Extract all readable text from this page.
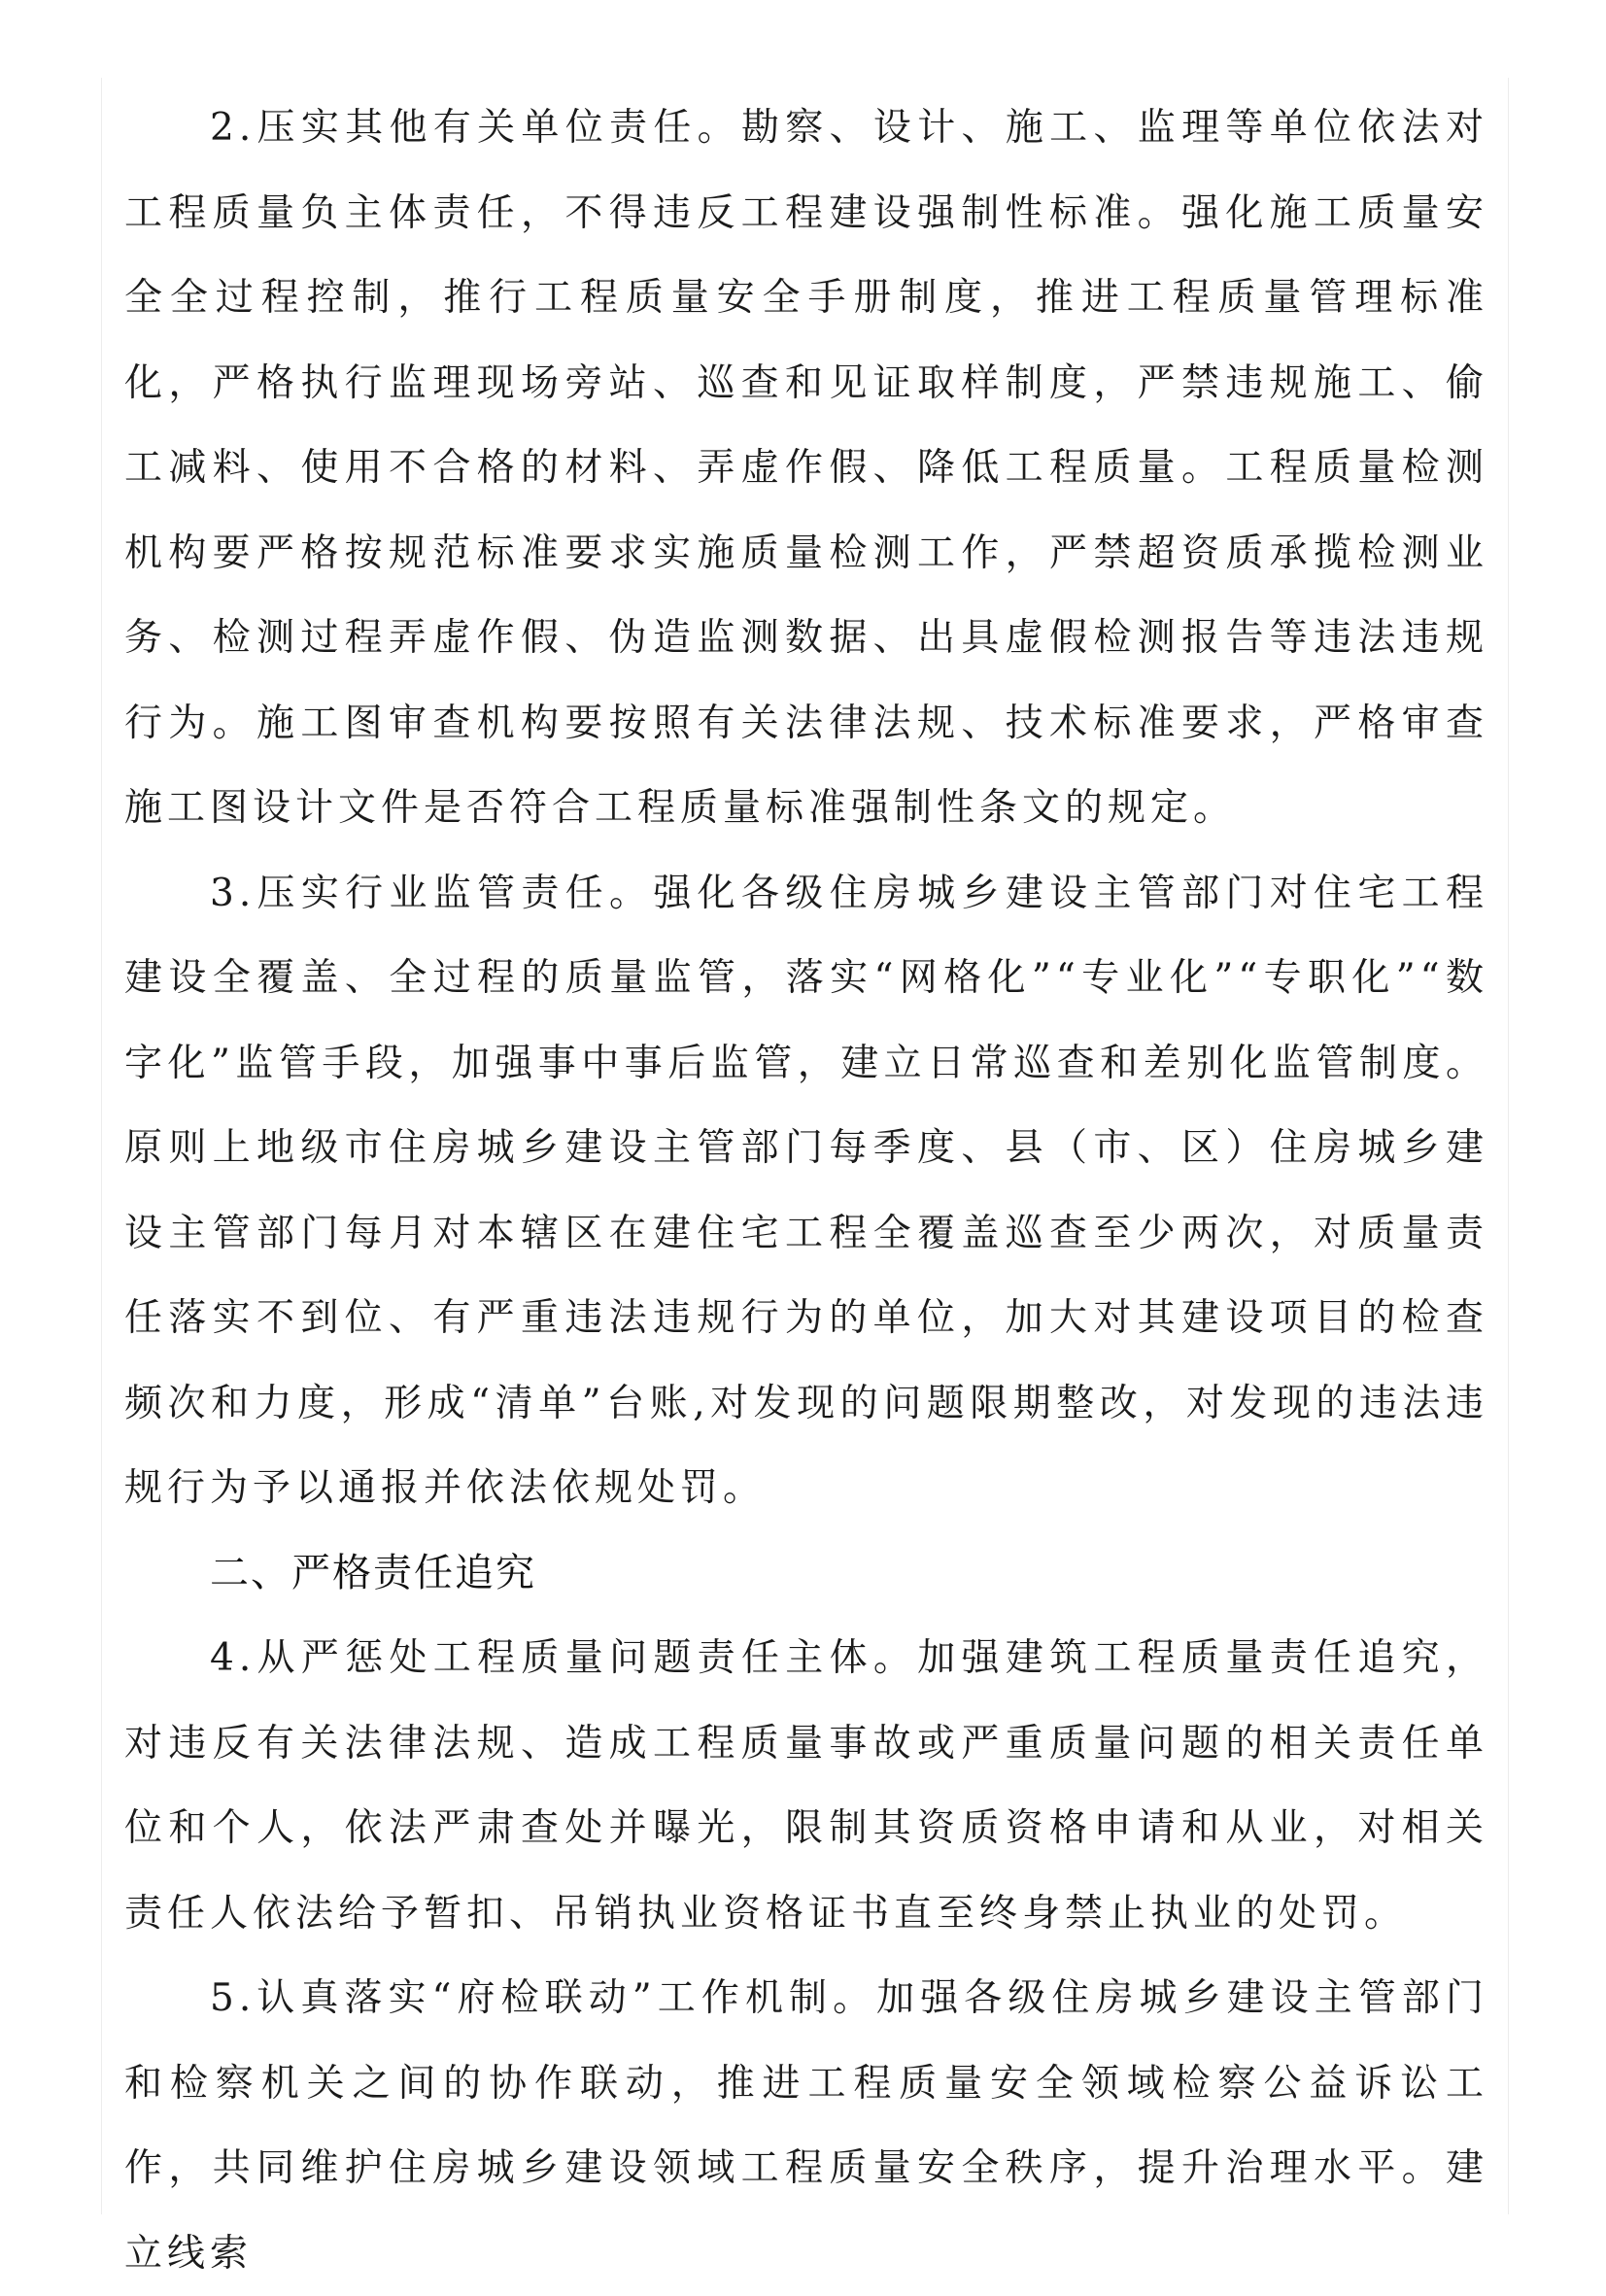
2.压实其他有关单位责任。勘察、设计、施工、监理等单位依法对工程质量负主体责任，不得违反工程建设强制性标准。强化施工质量安全全过程控制，推行工程质量安全手册制度，推进工程质量管理标准化，严格执行监理现场旁站、巡查和见证取样制度，严禁违规施工、偷工减料、使用不合格的材料、弄虚作假、降低工程质量。工程质量检测机构要严格按规范标准要求实施质量检测工作，严禁超资质承揽检测业务、检测过程弄虚作假、伪造监测数据、出具虚假检测报告等违法违规行为。施工图审查机构要按照有关法律法规、技术标准要求，严格审查施工图设计文件是否符合工程质量标准强制性条文的规定。

3.压实行业监管责任。强化各级住房城乡建设主管部门对住宅工程建设全覆盖、全过程的质量监管，落实“网格化”“专业化”“专职化”“数字化”监管手段，加强事中事后监管，建立日常巡查和差别化监管制度。原则上地级市住房城乡建设主管部门每季度、县（市、区）住房城乡建设主管部门每月对本辖区在建住宅工程全覆盖巡查至少两次，对质量责任落实不到位、有严重违法违规行为的单位，加大对其建设项目的检查频次和力度，形成“清单”台账,对发现的问题限期整改，对发现的违法违规行为予以通报并依法依规处罚。

二、严格责任追究

4.从严惩处工程质量问题责任主体。加强建筑工程质量责任追究，对违反有关法律法规、造成工程质量事故或严重质量问题的相关责任单位和个人，依法严肃查处并曝光，限制其资质资格申请和从业，对相关责任人依法给予暂扣、吊销执业资格证书直至终身禁止执业的处罚。

5.认真落实“府检联动”工作机制。加强各级住房城乡建设主管部门和检察机关之间的协作联动，推进工程质量安全领域检察公益诉讼工作，共同维护住房城乡建设领域工程质量安全秩序，提升治理水平。建立线索
